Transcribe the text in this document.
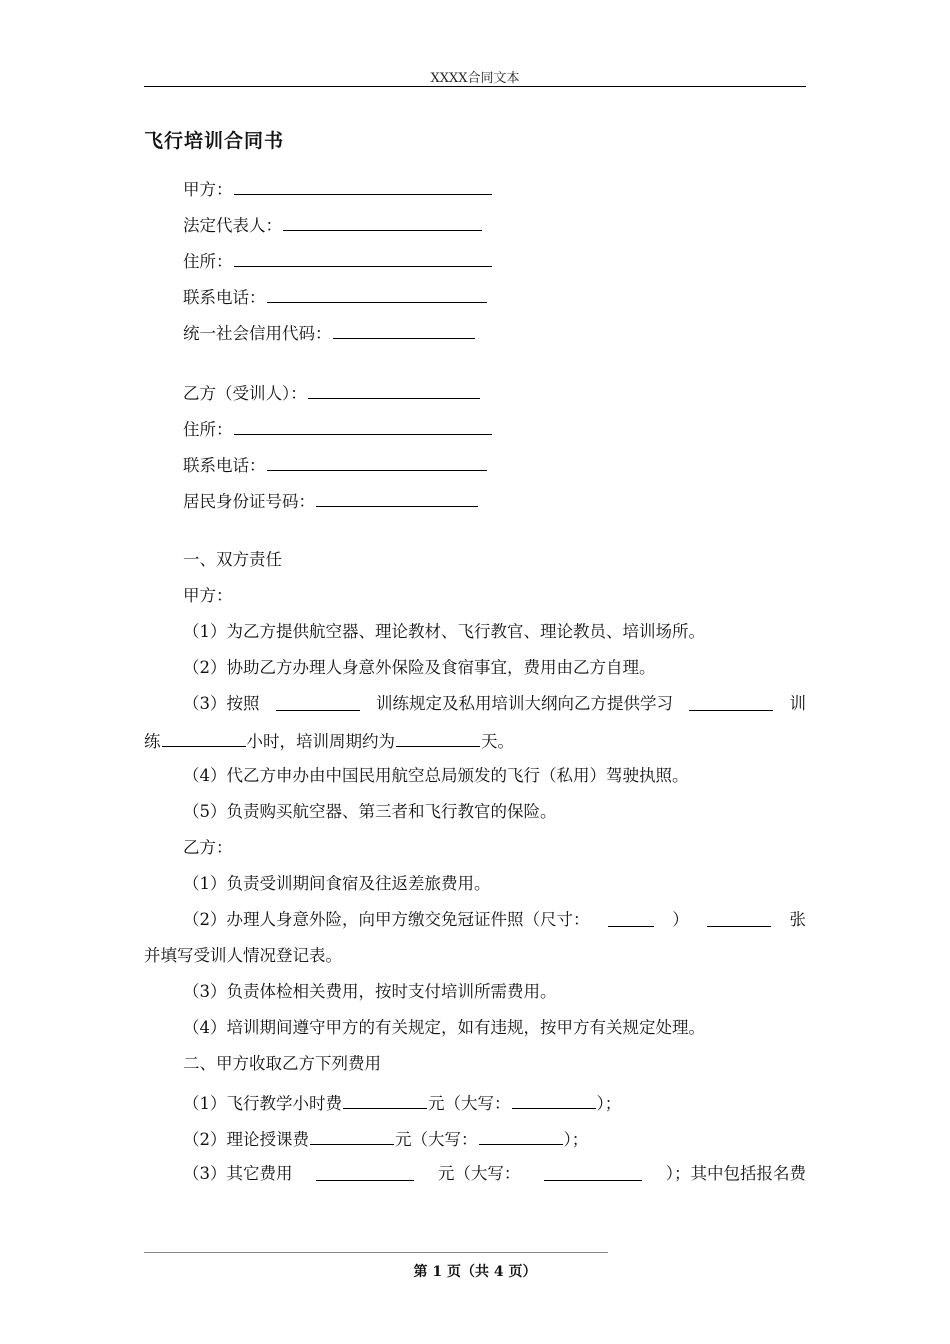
XXXX合同文本
飞行培训合同书
甲方：
法定代表人：
住所：
联系电话：
统一社会信用代码：
乙方（受训人）：
住所：
联系电话：
居民身份证号码：
一、双方责任
甲方：
（1）为乙方提供航空器、理论教材、飞行教官、理论教员、培训场所。
（2）协助乙方办理人身意外保险及食宿事宜，费用由乙方自理。
（3）按照	训练规定及私用培训大纲向乙方提供学习	训
练	小时，培训周期约为	天。
（4）代乙方申办由中国民用航空总局颁发的飞行（私用）驾驶执照。
（5）负责购买航空器、第三者和飞行教官的保险。
乙方：
（1）负责受训期间食宿及往返差旅费用。
（2）办理人身意外险，向甲方缴交免冠证件照（尺寸：	）	张
并填写受训人情况登记表。
（3）负责体检相关费用，按时支付培训所需费用。
（4）培训期间遵守甲方的有关规定，如有违规，按甲方有关规定处理。
二、甲方收取乙方下列费用
（1）飞行教学小时费	元（大写：	）；
（2）理论授课费	元（大写：	）；
（3）其它费用	元（大写：	）；其中包括报名费
第 1 页（共 4 页）
